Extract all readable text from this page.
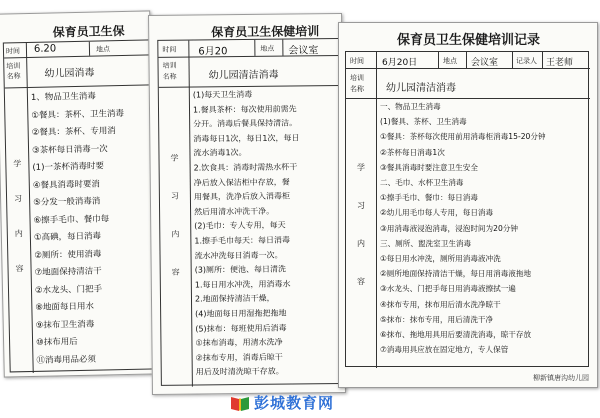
保育员卫生保
时间 6.20	地点
培训
名称 幼儿园消毒
学
习
内
容
1、物品卫生消毒
①餐具：茶杯、卫生消毒
②餐具：茶杯、专用消
③茶杯每日消毒一次
(1)一茶杯消毒时要
④餐具消毒时要消
⑤分发一般消毒消
⑥擦手毛巾、餐巾每
①高碘，每日消毒
②厕所：使用消毒
⑦地面保持清洁干
②水龙头、门把手
⑧地面每日用水
⑨抹布卫生消毒
⑩抹布用后
⑪消毒用品必须
保育员卫生保健培训
时间 6月20	地点 会议室
培训
名称	幼儿园清洁消毒
学
习
内
容
(1)每天卫生消毒
1.餐具茶杯：每次使用前需先
分开。消毒后餐具保持清洁。
消毒每日1次，每日1次，每日
流水消毒1次。
2.饮食具：消毒时需热水杯干
净后放入保洁柜中存放，餐
用餐具，洗净后放入消毒柜
然后用清水冲洗干净。
(2)毛巾：专人专用，每天
1.擦手毛巾每天：每日消毒
流水冲洗每日消毒一次。
(3)厕所：便池、每日清洗
1.每日用水冲洗，用消毒水
2.地面保持清洁干燥，
(4)地面每日用湿拖把拖地
(5)抹布：每班使用后消毒
①抹布消毒，用清水洗净
②抹布专用，消毒后晾干
用后及时清洗晾干存放。
保育员卫生保健培训记录
时间 6月20日	地点 会议室	记录人 王老师
培训
名称 幼儿园清洁消毒
学
习
内
容
一、物品卫生消毒
(1)餐具、茶杯、卫生消毒
①餐具：茶杯每次使用前用消毒柜消毒15-20分钟
②茶杯每日消毒1次
③餐具消毒时要注意卫生安全
二、毛巾、水杯卫生消毒
①擦手毛巾、餐巾：每日消毒
②幼儿用毛巾每人专用，每日消毒
③用消毒液浸泡消毒，浸泡时间为20分钟
三、厕所、盥洗室卫生消毒
①每日用水冲洗，厕所用消毒液冲洗
②厕所地面保持清洁干燥，每日用消毒液拖地
③水龙头、门把手每日用消毒液擦拭一遍
④抹布专用，抹布用后清水洗净晾干
⑤抹布：抹布专用，用后清洗干净
⑥抹布、拖地用具用后要清洗消毒，晾干存放
⑦消毒用具应放在固定地方，专人保管
柳新镇唐沟幼儿园
彭城教育网
